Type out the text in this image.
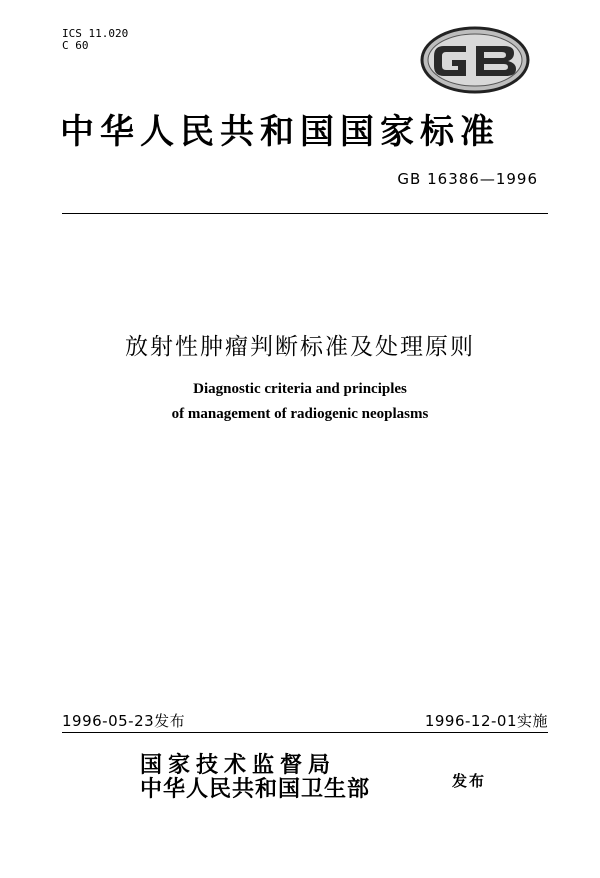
ICS 11.020
C 60
中华人民共和国国家标准
GB 16386—1996
放射性肿瘤判断标准及处理原则
Diagnostic criteria and principles
of management of radiogenic neoplasms
1996-05-23发布	1996-12-01实施
国家技术监督局
中华人民共和国卫生部	发布
